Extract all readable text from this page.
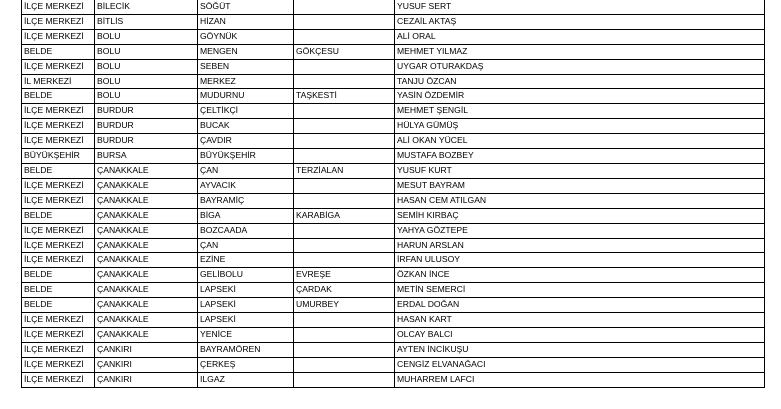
İLÇE MERKEZİ	BİLECİK	SÖĞÜT		YUSUF SERT
İLÇE MERKEZİ	BİTLİS	HİZAN		CEZAİL AKTAŞ
İLÇE MERKEZİ	BOLU	GÖYNÜK		ALİ ORAL
BELDE	BOLU	MENGEN	GÖKÇESU	MEHMET YILMAZ
İLÇE MERKEZİ	BOLU	SEBEN		UYGAR OTURAKDAŞ
İL MERKEZİ	BOLU	MERKEZ		TANJU ÖZCAN
BELDE	BOLU	MUDURNU	TAŞKESTİ	YASİN ÖZDEMİR
İLÇE MERKEZİ	BURDUR	ÇELTİKÇİ		MEHMET ŞENGİL
İLÇE MERKEZİ	BURDUR	BUCAK		HÜLYA GÜMÜŞ
İLÇE MERKEZİ	BURDUR	ÇAVDIR		ALİ OKAN YÜCEL
BÜYÜKŞEHİR	BURSA	BÜYÜKŞEHİR		MUSTAFA BOZBEY
BELDE	ÇANAKKALE	ÇAN	TERZİALAN	YUSUF KURT
İLÇE MERKEZİ	ÇANAKKALE	AYVACIK		MESUT BAYRAM
İLÇE MERKEZİ	ÇANAKKALE	BAYRAMİÇ		HASAN CEM ATILGAN
BELDE	ÇANAKKALE	BİGA	KARABİGA	SEMİH KIRBAÇ
İLÇE MERKEZİ	ÇANAKKALE	BOZCAADA		YAHYA GÖZTEPE
İLÇE MERKEZİ	ÇANAKKALE	ÇAN		HARUN ARSLAN
İLÇE MERKEZİ	ÇANAKKALE	EZİNE		İRFAN ULUSOY
BELDE	ÇANAKKALE	GELİBOLU	EVREŞE	ÖZKAN İNCE
BELDE	ÇANAKKALE	LAPSEKİ	ÇARDAK	METİN SEMERCİ
BELDE	ÇANAKKALE	LAPSEKİ	UMURBEY	ERDAL DOĞAN
İLÇE MERKEZİ	ÇANAKKALE	LAPSEKİ		HASAN KART
İLÇE MERKEZİ	ÇANAKKALE	YENİCE		OLCAY BALCI
İLÇE MERKEZİ	ÇANKIRI	BAYRAMÖREN		AYTEN İNCİKUŞU
İLÇE MERKEZİ	ÇANKIRI	ÇERKEŞ		CENGİZ ELVANAĞACI
İLÇE MERKEZİ	ÇANKIRI	ILGAZ		MUHARREM LAFCI
